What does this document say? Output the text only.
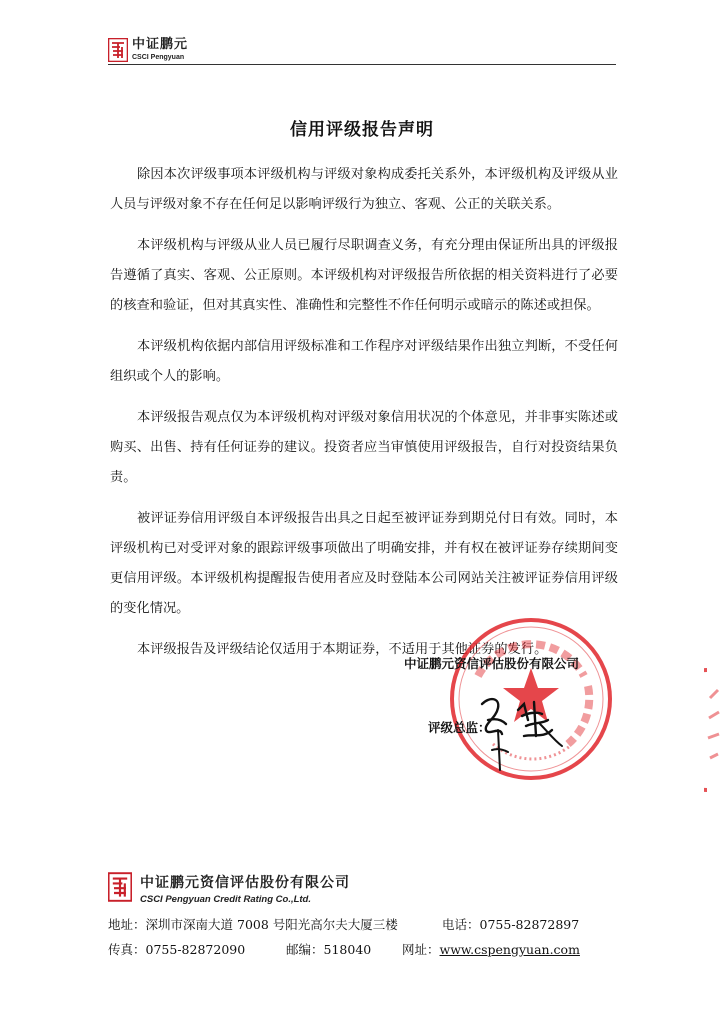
中证鹏元
CSCI Pengyuan
信用评级报告声明

除因本次评级事项本评级机构与评级对象构成委托关系外，本评级机构及评级从业人员与评级对象不存在任何足以影响评级行为独立、客观、公正的关联关系。

本评级机构与评级从业人员已履行尽职调查义务，有充分理由保证所出具的评级报告遵循了真实、客观、公正原则。本评级机构对评级报告所依据的相关资料进行了必要的核查和验证，但对其真实性、准确性和完整性不作任何明示或暗示的陈述或担保。

本评级机构依据内部信用评级标准和工作程序对评级结果作出独立判断，不受任何组织或个人的影响。

本评级报告观点仅为本评级机构对评级对象信用状况的个体意见，并非事实陈述或购买、出售、持有任何证券的建议。投资者应当审慎使用评级报告，自行对投资结果负责。

被评证券信用评级自本评级报告出具之日起至被评证券到期兑付日有效。同时，本评级机构已对受评对象的跟踪评级事项做出了明确安排，并有权在被评证券存续期间变更信用评级。本评级机构提醒报告使用者应及时登陆本公司网站关注被评证券信用评级的变化情况。

本评级报告及评级结论仅适用于本期证券，不适用于其他证券的发行。

中证鹏元资信评估股份有限公司
评级总监：
中证鹏元资信评估股份有限公司
CSCI Pengyuan Credit Rating Co.,Ltd.
地址：深圳市深南大道 7008 号阳光高尔夫大厦三楼	电话：0755-82872897
传真：0755-82872090	邮编：518040 网址：www.cspengyuan.com
